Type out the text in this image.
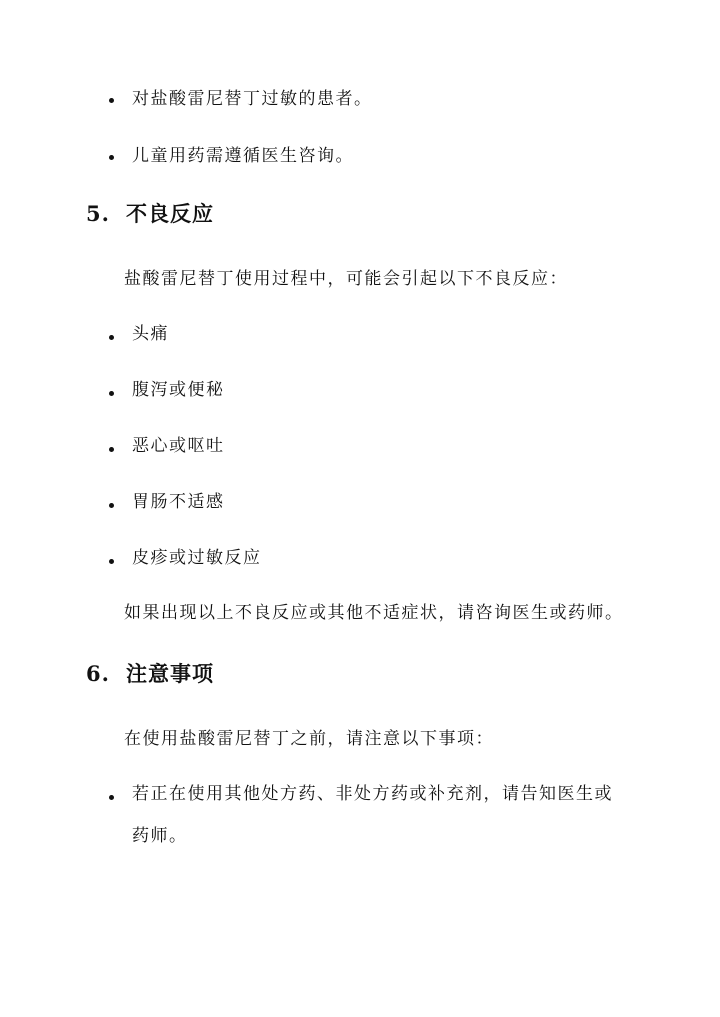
对盐酸雷尼替丁过敏的患者。
儿童用药需遵循医生咨询。
5. 不良反应
盐酸雷尼替丁使用过程中，可能会引起以下不良反应：
头痛
腹泻或便秘
恶心或呕吐
胃肠不适感
皮疹或过敏反应
如果出现以上不良反应或其他不适症状，请咨询医生或药师。
6. 注意事项
在使用盐酸雷尼替丁之前，请注意以下事项：
若正在使用其他处方药、非处方药或补充剂，请告知医生或
药师。
